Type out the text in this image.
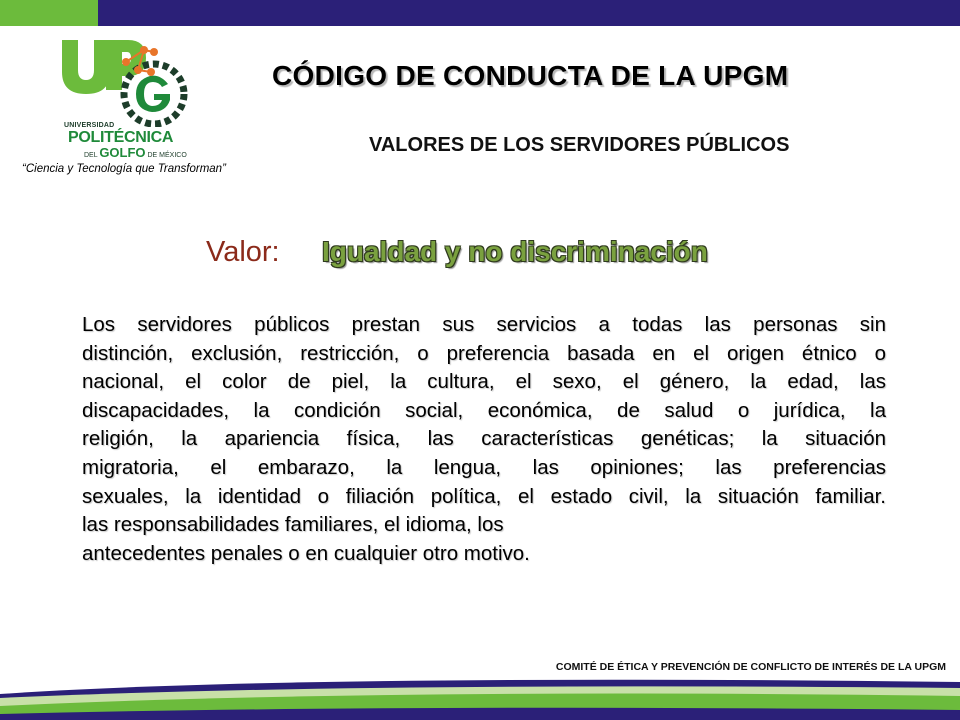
UNIVERSIDAD
POLITÉCNICA
DEL GOLFO DE MÉXICO
“Ciencia y Tecnología que Transforman”
CÓDIGO DE CONDUCTA DE LA UPGM
VALORES DE LOS SERVIDORES PÚBLICOS
Valor: Igualdad y no discriminación
Los servidores públicos prestan sus servicios a todas las personas sin
distinción, exclusión, restricción, o preferencia basada en el origen étnico o
nacional, el color de piel, la cultura, el sexo, el género, la edad, las
discapacidades, la condición social, económica, de salud o jurídica, la
religión, la apariencia física, las características genéticas; la situación
migratoria, el embarazo, la lengua, las opiniones; las preferencias
sexuales, la identidad o filiación política, el estado civil, la situación familiar.
las responsabilidades familiares, el idioma, los
antecedentes penales o en cualquier otro motivo.
COMITÉ DE ÉTICA Y PREVENCIÓN DE CONFLICTO DE INTERÉS DE LA UPGM
